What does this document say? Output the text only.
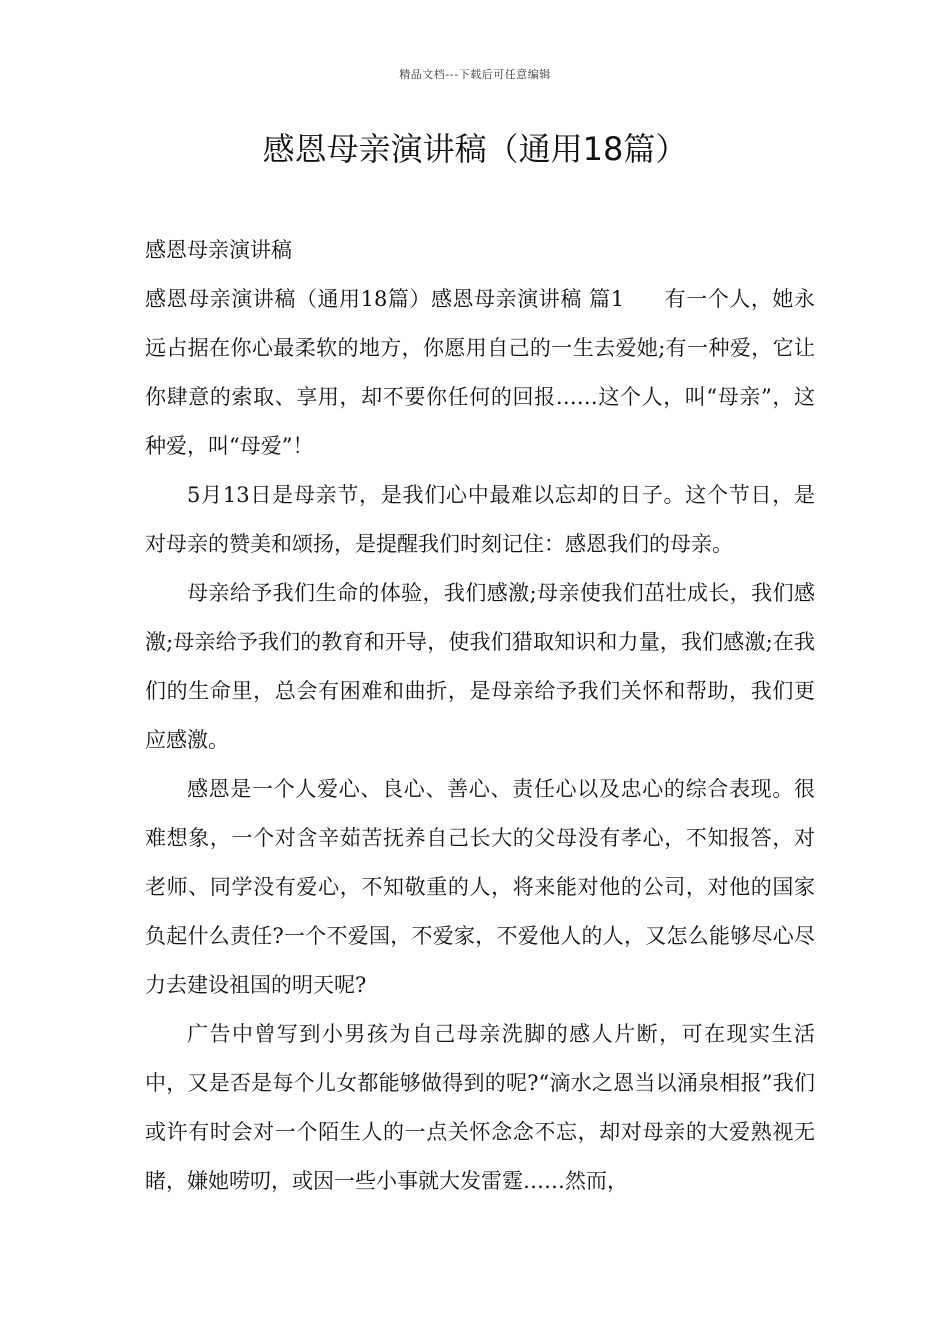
精品文档---下载后可任意编辑
感恩母亲演讲稿（通用18篇）
感恩母亲演讲稿

感恩母亲演讲稿（通用18篇）感恩母亲演讲稿 篇1 有一个人，她永远占据在你心最柔软的地方，你愿用自己的一生去爱她;有一种爱，它让你肆意的索取、享用，却不要你任何的回报……这个人，叫“母亲”，这种爱，叫“母爱”！

5月13日是母亲节，是我们心中最难以忘却的日子。这个节日，是对母亲的赞美和颂扬，是提醒我们时刻记住：感恩我们的母亲。

母亲给予我们生命的体验，我们感激;母亲使我们茁壮成长，我们感激;母亲给予我们的教育和开导，使我们猎取知识和力量，我们感激;在我们的生命里，总会有困难和曲折，是母亲给予我们关怀和帮助，我们更应感激。

感恩是一个人爱心、良心、善心、责任心以及忠心的综合表现。很难想象，一个对含辛茹苦抚养自己长大的父母没有孝心，不知报答，对老师、同学没有爱心，不知敬重的人，将来能对他的公司，对他的国家负起什么责任?一个不爱国，不爱家，不爱他人的人，又怎么能够尽心尽力去建设祖国的明天呢?

广告中曾写到小男孩为自己母亲洗脚的感人片断，可在现实生活中，又是否是每个儿女都能够做得到的呢?“滴水之恩当以涌泉相报”我们或许有时会对一个陌生人的一点关怀念念不忘，却对母亲的大爱熟视无睹，嫌她唠叨，或因一些小事就大发雷霆……然而，
